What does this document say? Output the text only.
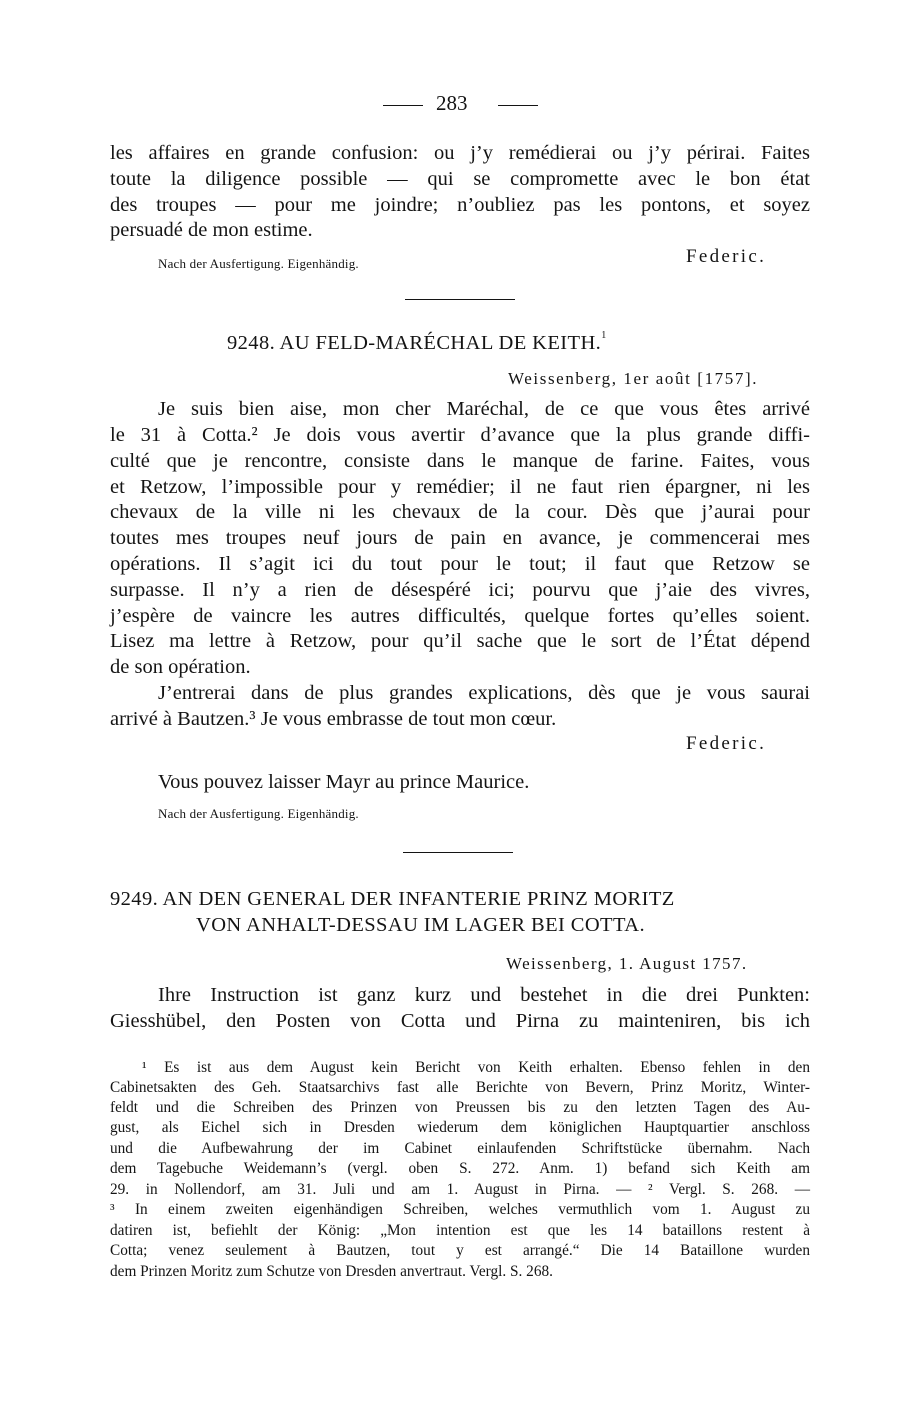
283
les affaires en grande confusion: ou j’y remédierai ou j’y périrai. Faites
toute la diligence possible — qui se compromette avec le bon état
des troupes — pour me joindre; n’oubliez pas les pontons, et soyez
persuadé de mon estime.
Nach der Ausfertigung. Eigenhändig.	Federic.
9248. AU FELD-MARÉCHAL DE KEITH.$^1$
Weissenberg, 1er août [1757].
Je suis bien aise, mon cher Maréchal, de ce que vous êtes arrivé
le 31 à Cotta.² Je dois vous avertir d’avance que la plus grande diffi-
culté que je rencontre, consiste dans le manque de farine. Faites, vous
et Retzow, l’impossible pour y remédier; il ne faut rien épargner, ni les
chevaux de la ville ni les chevaux de la cour. Dès que j’aurai pour
toutes mes troupes neuf jours de pain en avance, je commencerai mes
opérations. Il s’agit ici du tout pour le tout; il faut que Retzow se
surpasse. Il n’y a rien de désespéré ici; pourvu que j’aie des vivres,
j’espère de vaincre les autres difficultés, quelque fortes qu’elles soient.
Lisez ma lettre à Retzow, pour qu’il sache que le sort de l’État dépend
de son opération.
J’entrerai dans de plus grandes explications, dès que je vous saurai
arrivé à Bautzen.³ Je vous embrasse de tout mon cœur.
Federic.
Vous pouvez laisser Mayr au prince Maurice.
Nach der Ausfertigung. Eigenhändig.
9249. AN DEN GENERAL DER INFANTERIE PRINZ MORITZ
VON ANHALT-DESSAU IM LAGER BEI COTTA.
Weissenberg, 1. August 1757.
Ihre Instruction ist ganz kurz und bestehet in die drei Punkten:
Giesshübel, den Posten von Cotta und Pirna zu mainteniren, bis ich
¹ Es ist aus dem August kein Bericht von Keith erhalten. Ebenso fehlen in den
Cabinetsakten des Geh. Staatsarchivs fast alle Berichte von Bevern, Prinz Moritz, Winter-
feldt und die Schreiben des Prinzen von Preussen bis zu den letzten Tagen des Au-
gust, als Eichel sich in Dresden wiederum dem königlichen Hauptquartier anschloss
und die Aufbewahrung der im Cabinet einlaufenden Schriftstücke übernahm. Nach
dem Tagebuche Weidemann’s (vergl. oben S. 272. Anm. 1) befand sich Keith am
29. in Nollendorf, am 31. Juli und am 1. August in Pirna. — ² Vergl. S. 268. —
³ In einem zweiten eigenhändigen Schreiben, welches vermuthlich vom 1. August zu
datiren ist, befiehlt der König: „Mon intention est que les 14 bataillons restent à
Cotta; venez seulement à Bautzen, tout y est arrangé.“ Die 14 Bataillone wurden
dem Prinzen Moritz zum Schutze von Dresden anvertraut. Vergl. S. 268.
